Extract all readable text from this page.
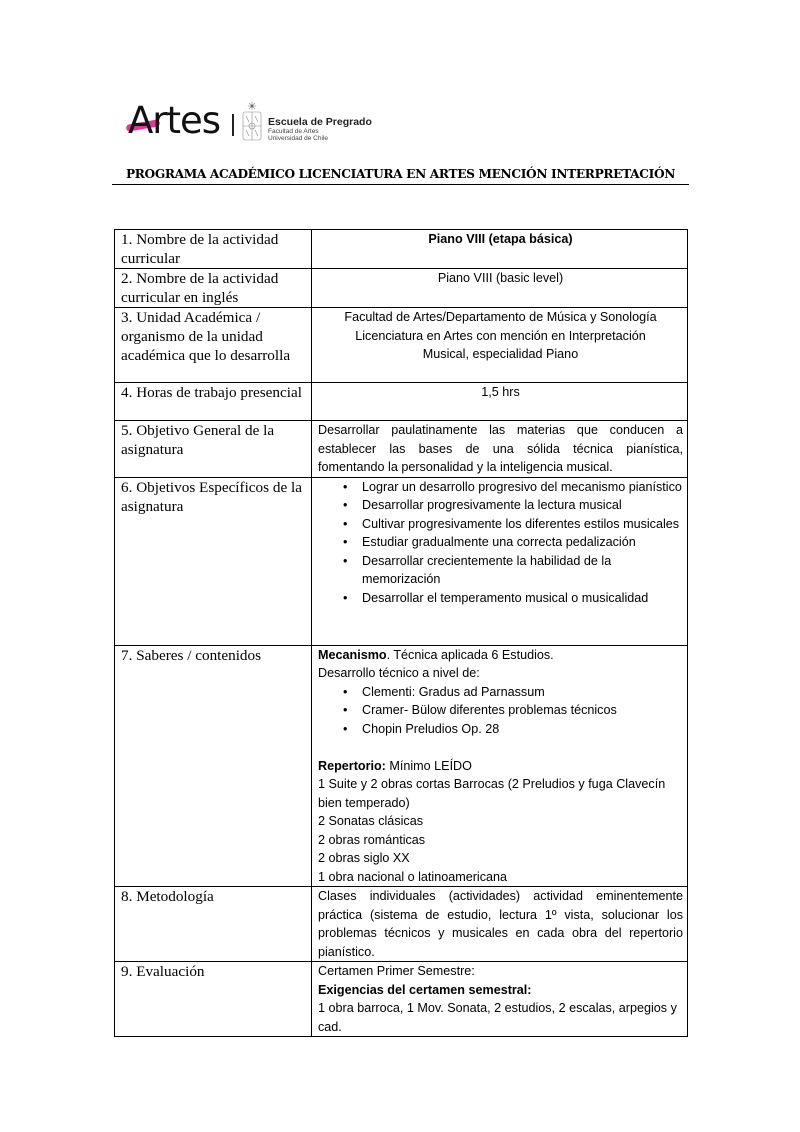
Artes	Escuela de Pregrado
Facultad de Artes
Universidad de Chile
PROGRAMA ACADÉMICO LICENCIATURA EN ARTES MENCIÓN INTERPRETACIÓN
1. Nombre de la actividad curricular	Piano VIII (etapa básica)
2. Nombre de la actividad curricular en inglés	Piano VIII (basic level)
3. Unidad Académica / organismo de la unidad académica que lo desarrolla	Facultad de Artes/Departamento de Música y Sonología
Licenciatura en Artes con mención en Interpretación
Musical, especialidad Piano

4. Horas de trabajo presencial	1,5 hrs
5. Objetivo General de la asignatura	Desarrollar paulatinamente las materias que conducen a establecer las bases de una sólida técnica pianística, fomentando la personalidad y la inteligencia musical.
6. Objetivos Específicos de la asignatura	
• Lograr un desarrollo progresivo del mecanismo pianístico
• Desarrollar progresivamente la lectura musical
• Cultivar progresivamente los diferentes estilos musicales
• Estudiar gradualmente una correcta pedalización
• Desarrollar crecientemente la habilidad de la memorización
• Desarrollar el temperamento musical o musicalidad

7. Saberes / contenidos	Mecanismo. Técnica aplicada 6 Estudios.
Desarrollo técnico a nivel de:
• Clementi: Gradus ad Parnassum
• Cramer- Bülow diferentes problemas técnicos
• Chopin Preludios Op. 28
Repertorio: Mínimo LEÍDO
1 Suite y 2 obras cortas Barrocas (2 Preludios y fuga Clavecín bien temperado)
2 Sonatas clásicas
2 obras románticas
2 obras siglo XX
1 obra nacional o latinoamericana

8. Metodología	Clases individuales (actividades) actividad eminentemente práctica (sistema de estudio, lectura 1º vista, solucionar los problemas técnicos y musicales en cada obra del repertorio pianístico.
9. Evaluación	Certamen Primer Semestre:
Exigencias del certamen semestral:
1 obra barroca, 1 Mov. Sonata, 2 estudios, 2 escalas, arpegios y cad.
